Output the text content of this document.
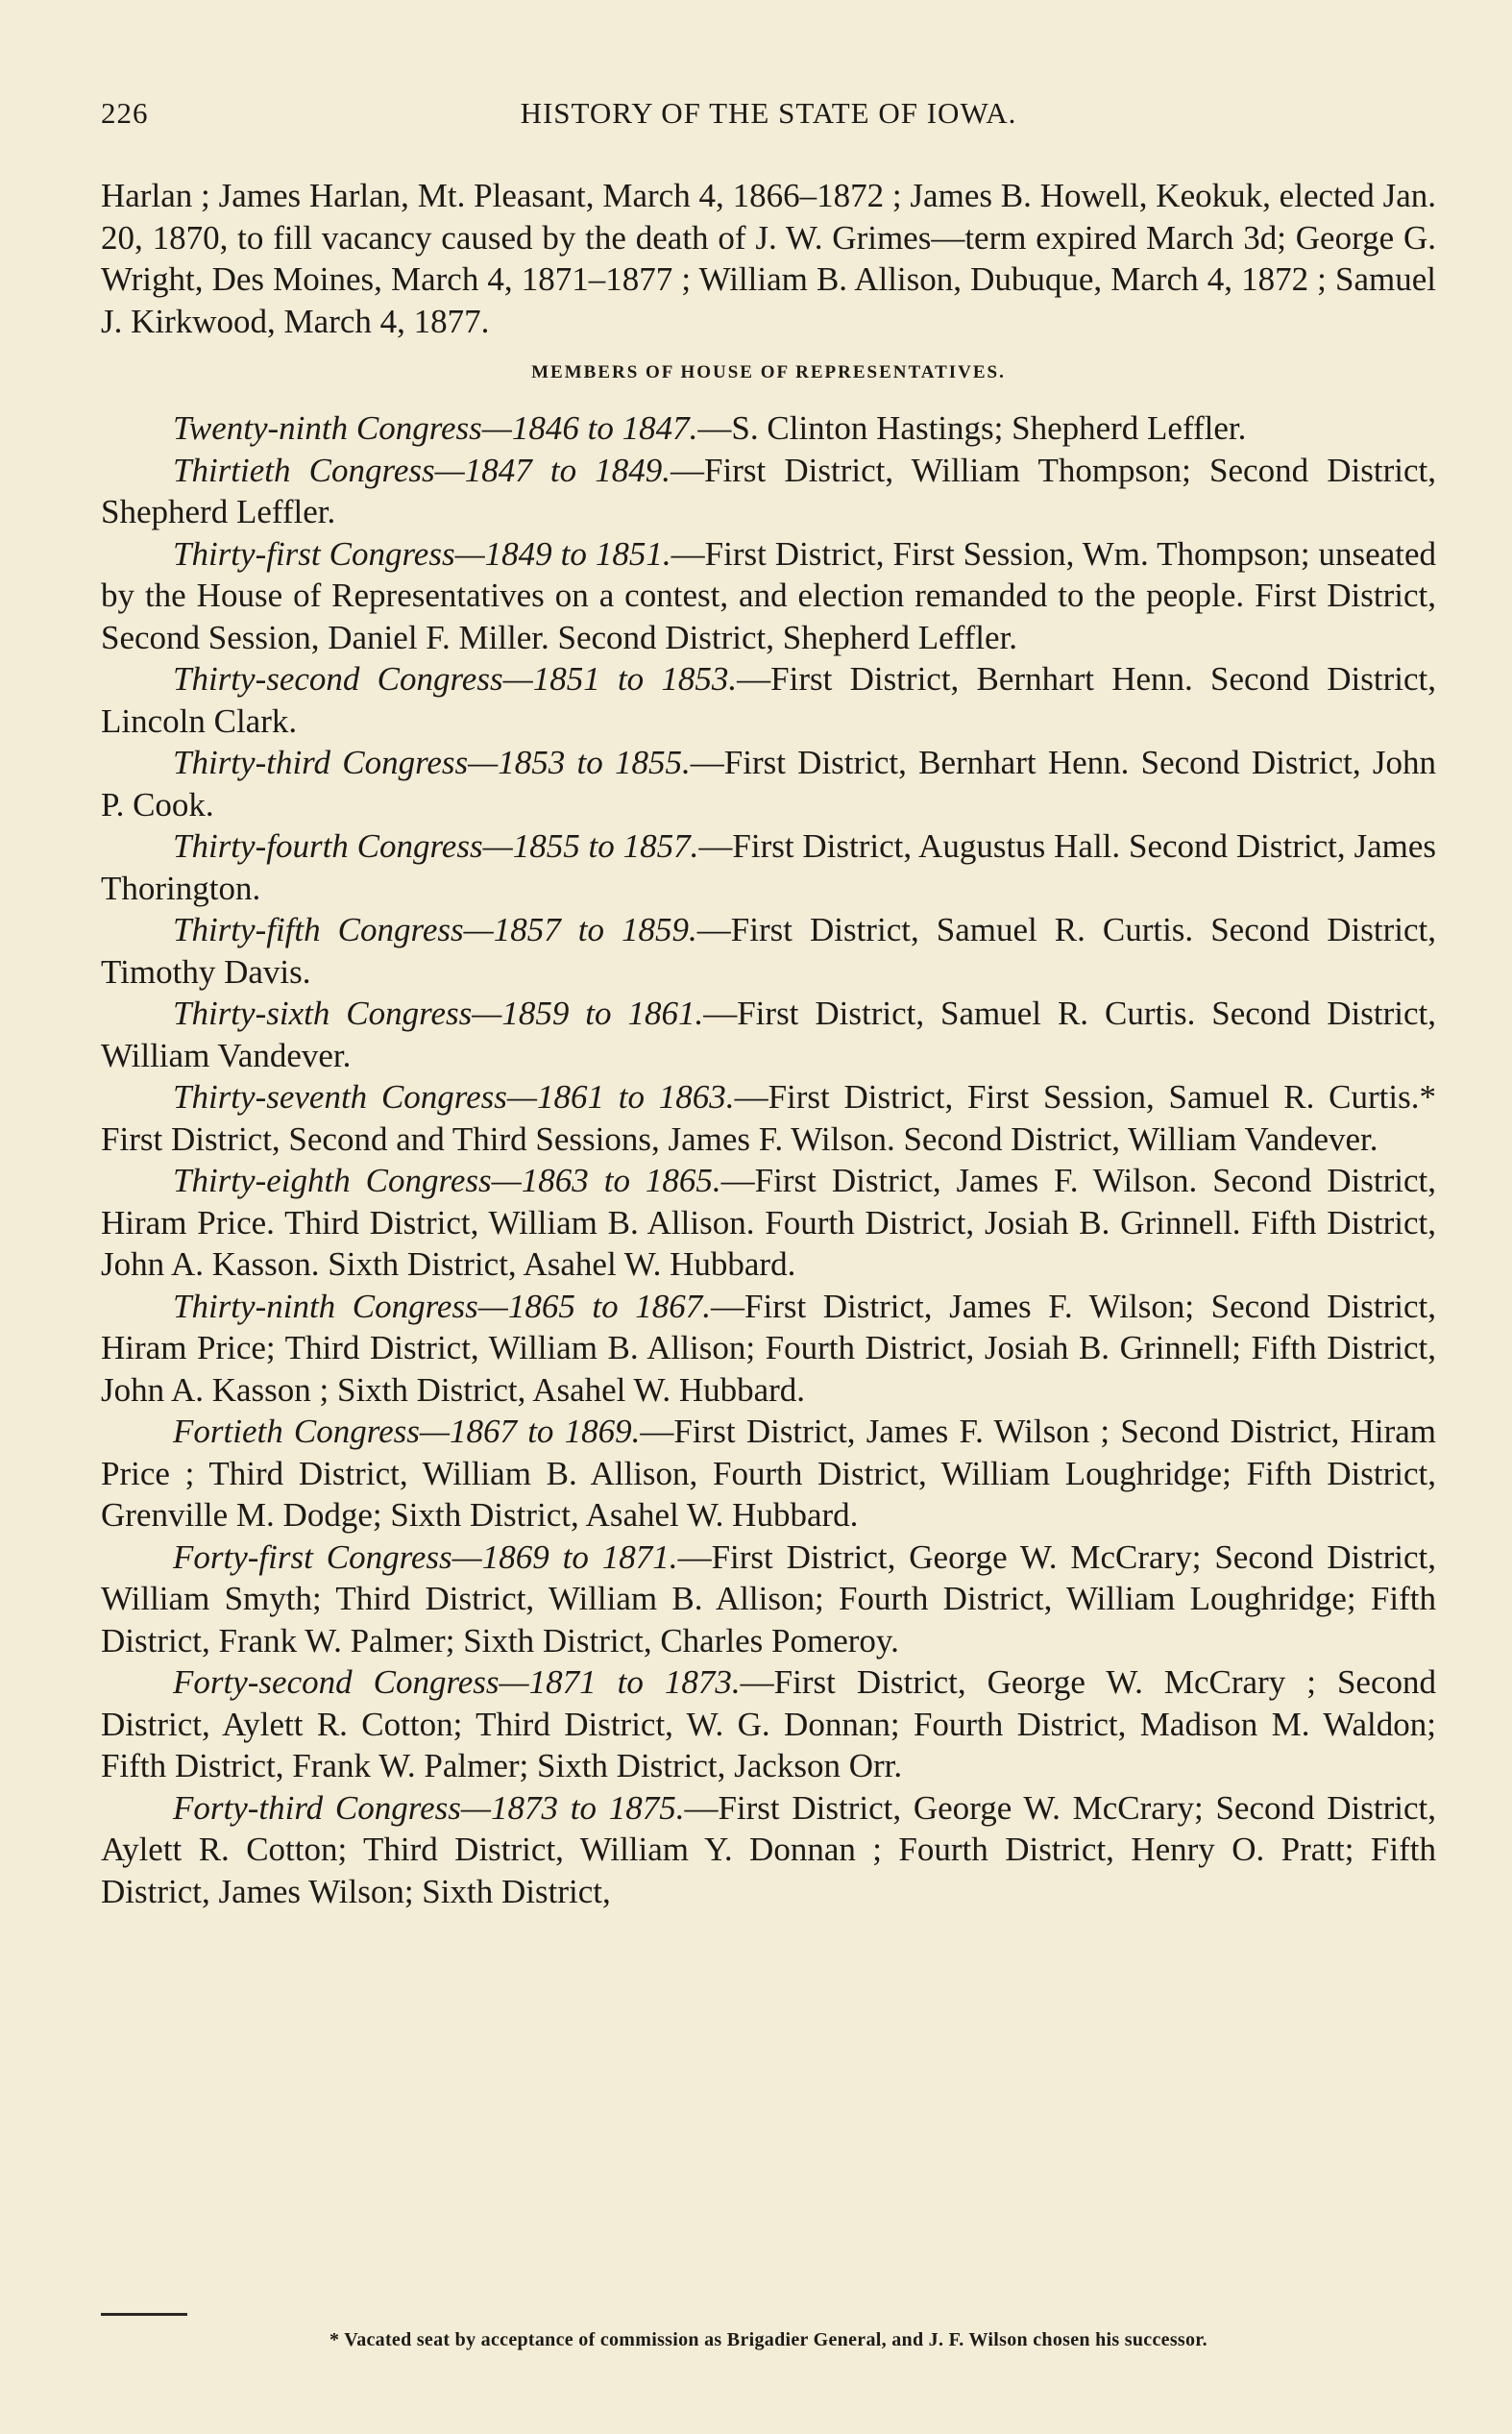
226	HISTORY OF THE STATE OF IOWA.

Harlan ; James Harlan, Mt. Pleasant, March 4, 1866–1872 ; James B. Howell, Keokuk, elected Jan. 20, 1870, to fill vacancy caused by the death of J. W. Grimes—term expired March 3d; George G. Wright, Des Moines, March 4, 1871–1877 ; William B. Allison, Dubuque, March 4, 1872 ; Samuel J. Kirkwood, March 4, 1877.

MEMBERS OF HOUSE OF REPRESENTATIVES.

Twenty-ninth Congress—1846 to 1847.—S. Clinton Hastings; Shepherd Leffler.

Thirtieth Congress—1847 to 1849.—First District, William Thompson; Second District, Shepherd Leffler.

Thirty-first Congress—1849 to 1851.—First District, First Session, Wm. Thompson; unseated by the House of Representatives on a contest, and election remanded to the people. First District, Second Session, Daniel F. Miller. Second District, Shepherd Leffler.

Thirty-second Congress—1851 to 1853.—First District, Bernhart Henn. Second District, Lincoln Clark.

Thirty-third Congress—1853 to 1855.—First District, Bernhart Henn. Second District, John P. Cook.

Thirty-fourth Congress—1855 to 1857.—First District, Augustus Hall. Second District, James Thorington.

Thirty-fifth Congress—1857 to 1859.—First District, Samuel R. Curtis. Second District, Timothy Davis.

Thirty-sixth Congress—1859 to 1861.—First District, Samuel R. Curtis. Second District, William Vandever.

Thirty-seventh Congress—1861 to 1863.—First District, First Session, Samuel R. Curtis.* First District, Second and Third Sessions, James F. Wilson. Second District, William Vandever.

Thirty-eighth Congress—1863 to 1865.—First District, James F. Wilson. Second District, Hiram Price. Third District, William B. Allison. Fourth District, Josiah B. Grinnell. Fifth District, John A. Kasson. Sixth District, Asahel W. Hubbard.

Thirty-ninth Congress—1865 to 1867.—First District, James F. Wilson; Second District, Hiram Price; Third District, William B. Allison; Fourth District, Josiah B. Grinnell; Fifth District, John A. Kasson ; Sixth District, Asahel W. Hubbard.

Fortieth Congress—1867 to 1869.—First District, James F. Wilson ; Second District, Hiram Price ; Third District, William B. Allison, Fourth District, William Loughridge; Fifth District, Grenville M. Dodge; Sixth District, Asahel W. Hubbard.

Forty-first Congress—1869 to 1871.—First District, George W. McCrary; Second District, William Smyth; Third District, William B. Allison; Fourth District, William Loughridge; Fifth District, Frank W. Palmer; Sixth District, Charles Pomeroy.

Forty-second Congress—1871 to 1873.—First District, George W. McCrary ; Second District, Aylett R. Cotton; Third District, W. G. Donnan; Fourth District, Madison M. Waldon; Fifth District, Frank W. Palmer; Sixth District, Jackson Orr.

Forty-third Congress—1873 to 1875.—First District, George W. McCrary; Second District, Aylett R. Cotton; Third District, William Y. Donnan ; Fourth District, Henry O. Pratt; Fifth District, James Wilson; Sixth District,

* Vacated seat by acceptance of commission as Brigadier General, and J. F. Wilson chosen his successor.
